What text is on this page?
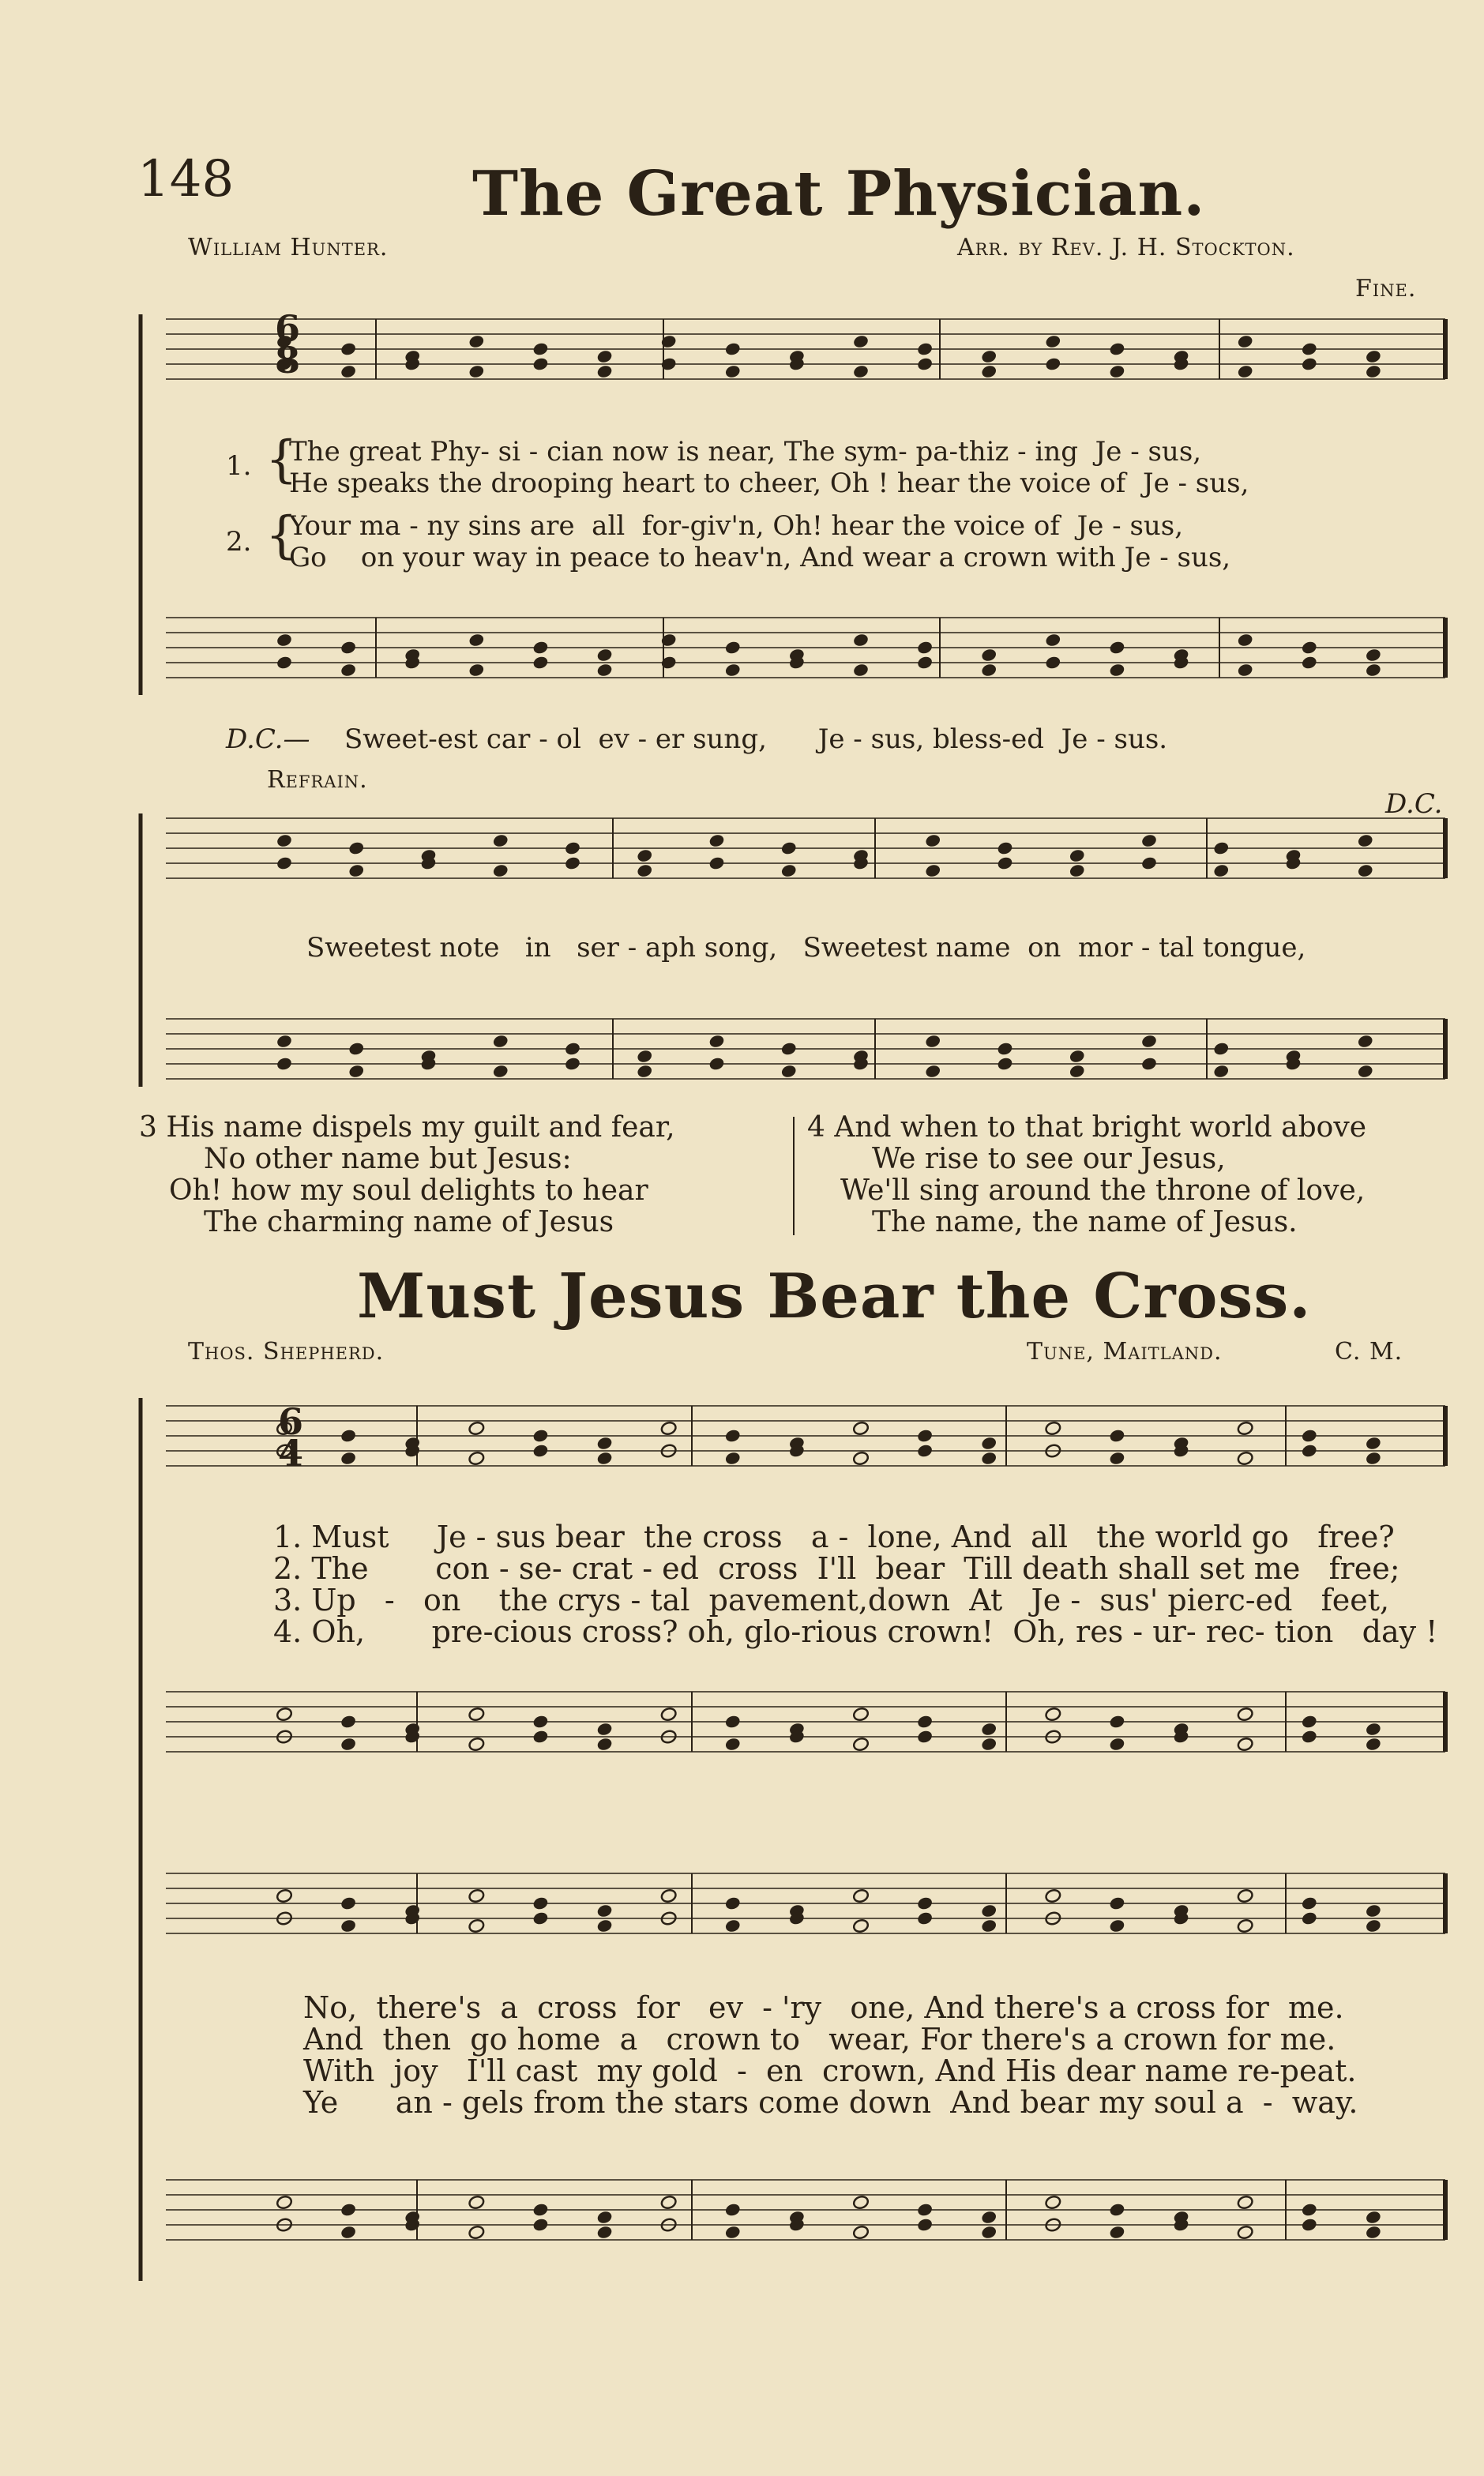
148	The Great Physician.
William Hunter.	Arr. by Rev. J. H. Stockton.
Fine.
6
8
1. {
The great Phy- si - cian now is near, The sym- pa-thiz - ing  Je - sus,
He speaks the drooping heart to cheer, Oh ! hear the voice of  Je - sus,
2. {
Your ma - ny sins are  all  for-giv'n, Oh! hear the voice of  Je - sus,
Go    on your way in peace to heav'n, And wear a crown with Je - sus,
D.C.— Sweet-est car - ol  ev - er sung,      Je - sus, bless-ed  Je - sus.
Refrain.
D.C.
Sweetest note   in   ser - aph song,   Sweetest name  on  mor - tal tongue,
3 His name dispels my guilt and fear,
No other name but Jesus:
Oh! how my soul delights to hear
The charming name of Jesus
4 And when to that bright world above
We rise to see our Jesus,
We'll sing around the throne of love,
The name, the name of Jesus.
Must Jesus Bear the Cross.
Thos. Shepherd.	Tune, Maitland.	C. M.
6
4
1. Must     Je - sus bear  the cross   a -  lone, And  all   the world go   free?
2. The       con - se- crat - ed  cross  I'll  bear  Till death shall set me   free;
3. Up   -   on    the crys - tal  pavement,down  At   Je -  sus' pierc-ed   feet,
4. Oh,       pre-cious cross? oh, glo-rious crown!  Oh, res - ur- rec- tion   day !
No,  there's  a  cross  for   ev  - 'ry   one, And there's a cross for  me.
And  then  go home  a   crown to   wear, For there's a crown for me.
With  joy   I'll cast  my gold  -  en  crown, And His dear name re-peat.
Ye      an - gels from the stars come down  And bear my soul a  -  way.
